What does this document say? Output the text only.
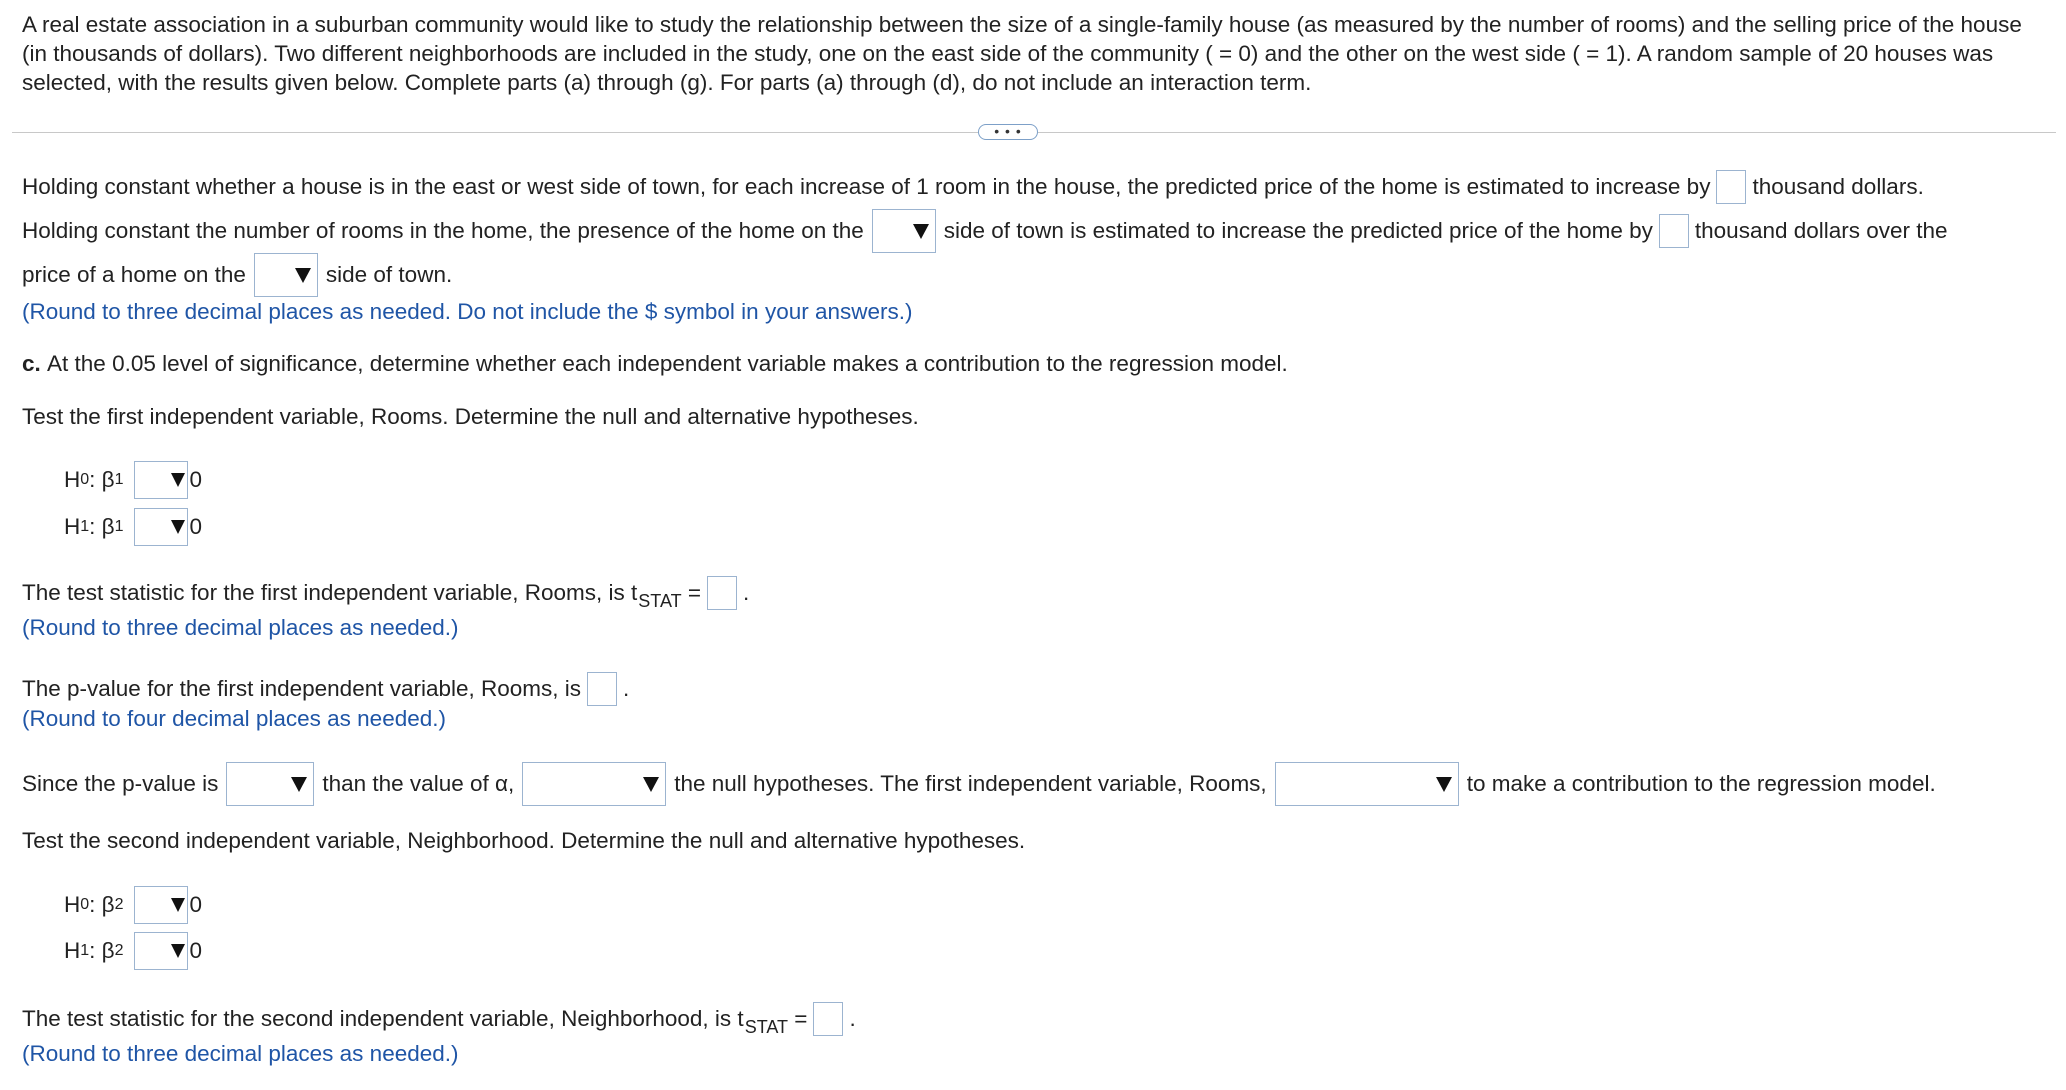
A real estate association in a suburban community would like to study the relationship between the size of a single-family house (as measured by the number of rooms) and the selling price of the house (in thousands of dollars). Two different neighborhoods are included in the study, one on the east side of the community ( = 0) and the other on the west side ( = 1). A random sample of 20 houses was selected, with the results given below. Complete parts (a) through (g). For parts (a) through (d), do not include an interaction term.
• • •
Holding constant whether a house is in the east or west side of town, for each increase of 1 room in the house, the predicted price of the home is estimated to increase by thousand dollars.
Holding constant the number of rooms in the home, the presence of the home on the	side of town is estimated to increase the predicted price of the home by thousand dollars over the
price of a home on the	side of town.
(Round to three decimal places as needed. Do not include the $ symbol in your answers.)
c.
At the 0.05 level of significance, determine whether each independent variable makes a contribution to the regression model.
Test the first independent variable, Rooms. Determine the null and alternative hypotheses.
H 0 : β 1	0
H 1 : β 1	0
The test statistic for the first independent variable, Rooms, is t STAT
= .
(Round to three decimal places as needed.)
The p-value for the first independent variable, Rooms, is .
(Round to four decimal places as needed.)
Since the p-value is	than the value of α,	the null hypotheses. The first independent variable, Rooms,	to make a contribution to the regression model.
Test the second independent variable, Neighborhood. Determine the null and alternative hypotheses.
H 0 : β 2	0
H 1 : β 2	0
The test statistic for the second independent variable, Neighborhood, is t STAT
= .
(Round to three decimal places as needed.)
